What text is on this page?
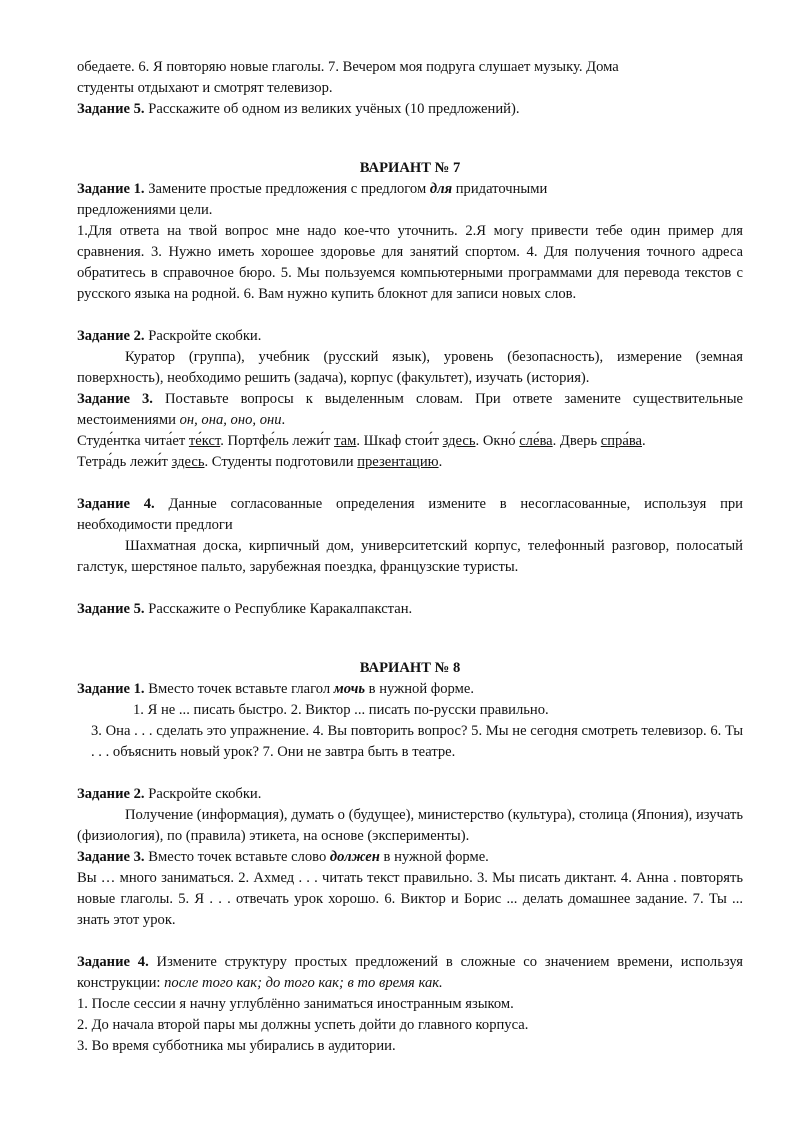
обедаете. 6. Я повторяю новые глаголы. 7. Вечером моя подруга слушает музыку. Дома
студенты отдыхают и смотрят телевизор.

Задание 5. Расскажите об одном из великих учёных (10 предложений).

ВАРИАНТ № 7

Задание 1. Замените простые предложения с предлогом для придаточными
предложениями цели.

1.Для ответа на твой вопрос мне надо кое-что уточнить. 2.Я могу привести тебе один пример для сравнения. 3. Нужно иметь хорошее здоровье для занятий спортом. 4. Для получения точного адреса обратитесь в справочное бюро. 5. Мы пользуемся компьютерными программами для перевода текстов с русского языка на родной. 6. Вам нужно купить блокнот для записи новых слов.

Задание 2. Раскройте скобки.

Куратор (группа), учебник (русский язык), уровень (безопасность), измерение (земная поверхность), необходимо решить (задача), корпус (факультет), изучать (история).

Задание 3. Поставьте вопросы к выделенным словам. При ответе замените существительные местоимениями он, она, оно, они.

Студе́нтка чита́ет те́кст. Портфе́ль лежи́т там. Шкаф стои́т здесь. Окно́ сле́ва. Дверь спра́ва.
Тетра́дь лежи́т здесь. Студенты подготовили презентацию.

Задание 4. Данные согласованные определения измените в несогласованные, используя при необходимости предлоги

Шахматная доска, кирпичный дом, университетский корпус, телефонный разговор, полосатый галстук, шерстяное пальто, зарубежная поездка, французские туристы.

Задание 5. Расскажите о Республике Каракалпакстан.

ВАРИАНТ № 8

Задание 1. Вместо точек вставьте глагол мочь в нужной форме.

1. Я не ... писать быстро. 2. Виктор ... писать по-русски правильно.

3. Она . . . сделать это упражнение. 4. Вы повторить вопрос? 5. Мы не сегодня смотреть телевизор. 6. Ты . . . объяснить новый урок? 7. Они не завтра быть в театре.

Задание 2. Раскройте скобки.

Получение (информация), думать о (будущее), министерство (культура), столица (Япония), изучать (физиология), по (правила) этикета, на основе (эксперименты).

Задание 3. Вместо точек вставьте слово должен в нужной форме.

Вы … много заниматься. 2. Ахмед . . . читать текст правильно. 3. Мы писать диктант. 4. Анна . повторять новые глаголы. 5. Я . . . отвечать урок хорошо. 6. Виктор и Борис ... делать домашнее задание. 7. Ты ... знать этот урок.

Задание 4. Измените структуру простых предложений в сложные со значением времени, используя конструкции: после того как; до того как; в то время как.

1. После сессии я начну углублённо заниматься иностранным языком.

2. До начала второй пары мы должны успеть дойти до главного корпуса.

3. Во время субботника мы убирались в аудитории.
